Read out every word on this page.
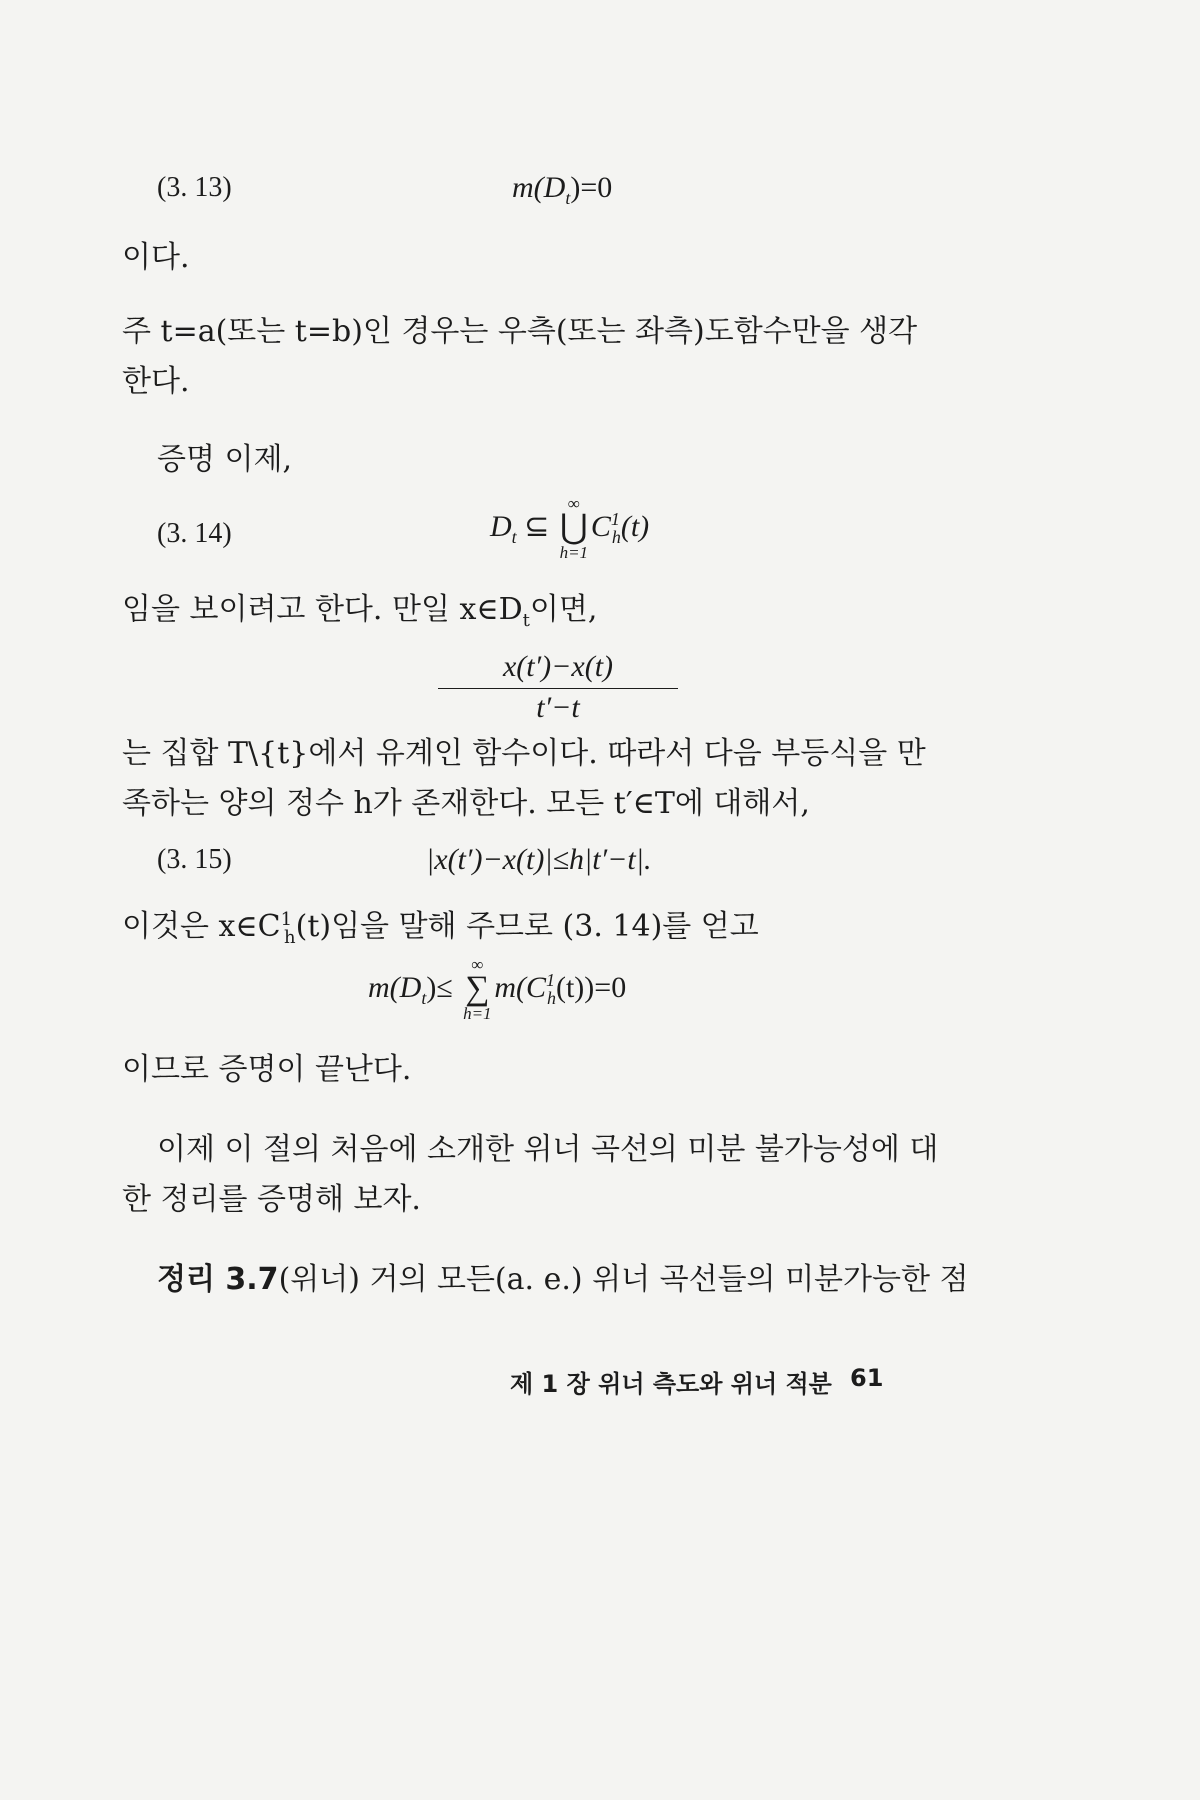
(3. 13)	$m(D_t)=0$
이다.
주 t=a(또는 t=b)인 경우는 우측(또는 좌측)도함수만을 생각
한다.
증명 이제,
(3. 14)	$D_t$ ⊆
∞
⋃
h=1
$C^1_h(t)$
임을 보이려고 한다. 만일 $x\in D_t$이면,
$\frac{x(t')-x(t)}{t'-t}$
는 집합 T\{t}에서 유계인 함수이다. 따라서 다음 부등식을 만
족하는 양의 정수 h가 존재한다. 모든 t′∈T에 대해서,
(3. 15)	|x(t′)−x(t)|≤h|t′−t|.
이것은 $x\in C^1_h(t)$임을 말해 주므로 (3. 14)를 얻고
$m(D_t)\le$
∞
∑
h=1
$m(C^1_h(t))=0$
이므로 증명이 끝난다.
이제 이 절의 처음에 소개한 위너 곡선의 미분 불가능성에 대
한 정리를 증명해 보자.
정리 3.7(위너) 거의 모든(a. e.) 위너 곡선들의 미분가능한 점
제 1 장 위너 측도와 위너 적분 61
